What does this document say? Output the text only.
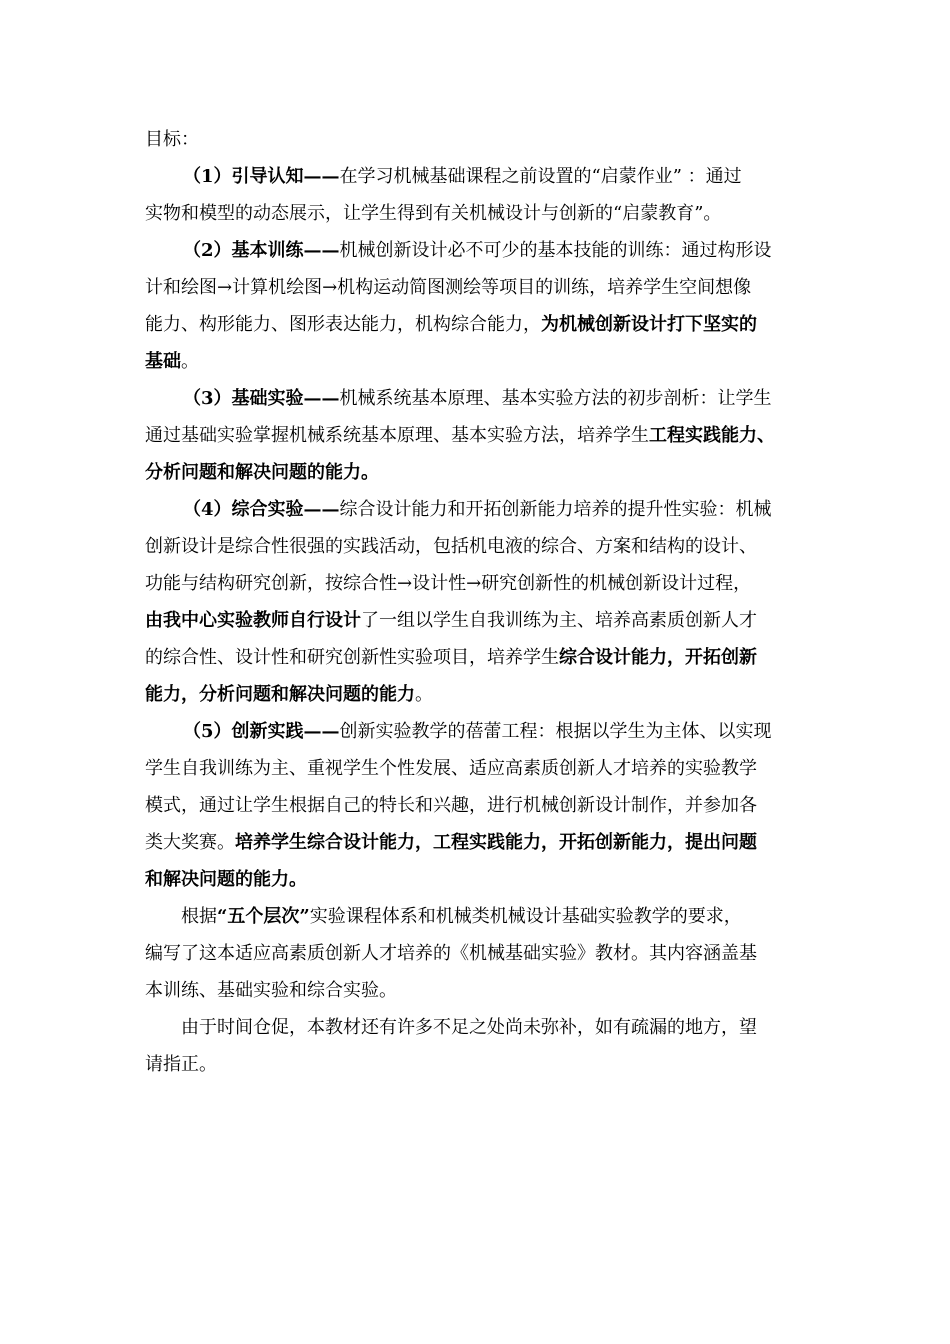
目标：
（1）引导认知——在学习机械基础课程之前设置的“启蒙作业” ：通过
实物和模型的动态展示，让学生得到有关机械设计与创新的“启蒙教育”。
（2）基本训练——机械创新设计必不可少的基本技能的训练：通过构形设
计和绘图→计算机绘图→机构运动简图测绘等项目的训练，培养学生空间想像
能力、构形能力、图形表达能力，机构综合能力，为机械创新设计打下坚实的
基础。
（3）基础实验——机械系统基本原理、基本实验方法的初步剖析：让学生
通过基础实验掌握机械系统基本原理、基本实验方法，培养学生工程实践能力、
分析问题和解决问题的能力。
（4）综合实验——综合设计能力和开拓创新能力培养的提升性实验：机械
创新设计是综合性很强的实践活动，包括机电液的综合、方案和结构的设计、
功能与结构研究创新，按综合性→设计性→研究创新性的机械创新设计过程，
由我中心实验教师自行设计了一组以学生自我训练为主、培养高素质创新人才
的综合性、设计性和研究创新性实验项目，培养学生综合设计能力，开拓创新
能力，分析问题和解决问题的能力。
（5）创新实践——创新实验教学的蓓蕾工程：根据以学生为主体、以实现
学生自我训练为主、重视学生个性发展、适应高素质创新人才培养的实验教学
模式，通过让学生根据自己的特长和兴趣，进行机械创新设计制作，并参加各
类大奖赛。培养学生综合设计能力，工程实践能力，开拓创新能力，提出问题
和解决问题的能力。
根据“五个层次”实验课程体系和机械类机械设计基础实验教学的要求，
编写了这本适应高素质创新人才培养的《机械基础实验》教材。其内容涵盖基
本训练、基础实验和综合实验。
由于时间仓促，本教材还有许多不足之处尚未弥补，如有疏漏的地方，望
请指正。
